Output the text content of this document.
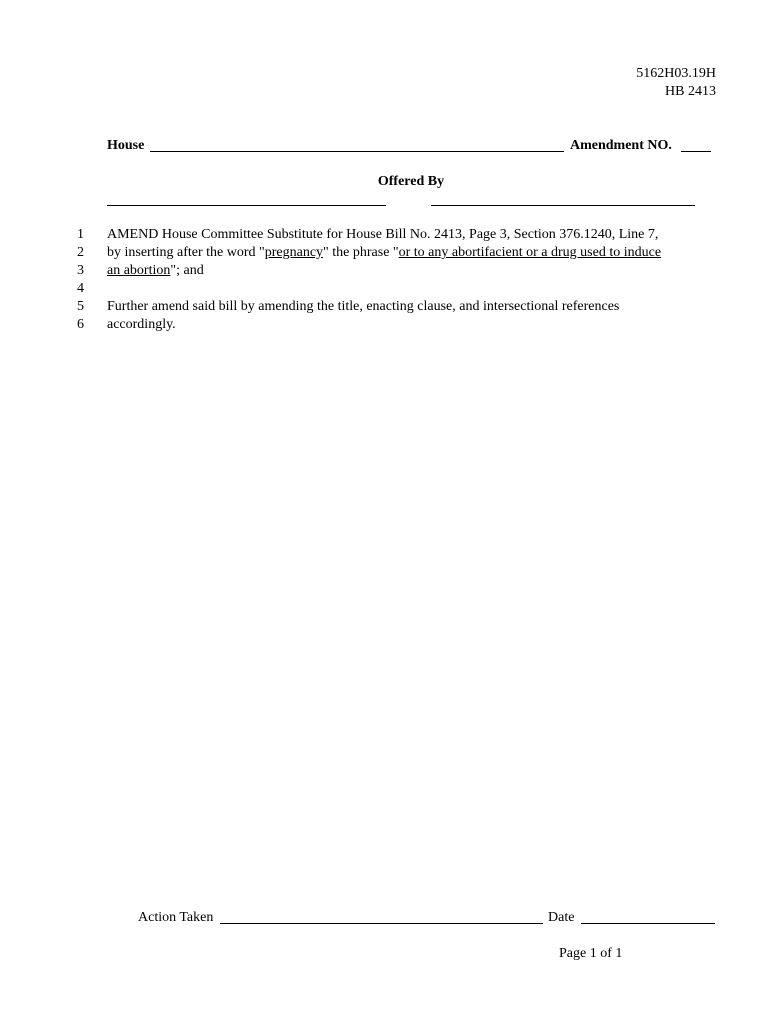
5162H03.19H
HB 2413
House	Amendment NO.
Offered By
1
2
3
4
5
6
AMEND House Committee Substitute for House Bill No. 2413, Page 3, Section 376.1240, Line 7,
by inserting after the word "pregnancy" the phrase "or to any abortifacient or a drug used to induce
an abortion"; and
Further amend said bill by amending the title, enacting clause, and intersectional references
accordingly.
Action Taken	Date
Page 1 of 1
